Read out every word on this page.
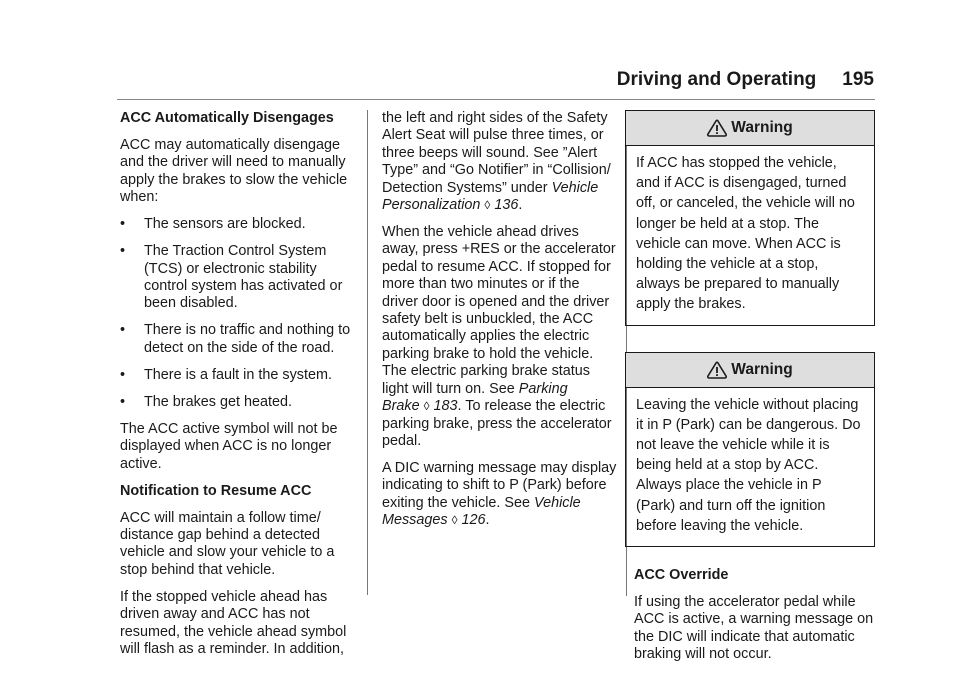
Driving and Operating 195
ACC Automatically Disengages

ACC may automatically disengage and the driver will need to manually apply the brakes to slow the vehicle when:

•	The sensors are blocked.
•	The Traction Control System (TCS) or electronic stability control system has activated or been disabled.
•	There is no traffic and nothing to detect on the side of the road.
•	There is a fault in the system.
•	The brakes get heated.

The ACC active symbol will not be displayed when ACC is no longer active.

Notification to Resume ACC

ACC will maintain a follow time/ distance gap behind a detected vehicle and slow your vehicle to a stop behind that vehicle.

If the stopped vehicle ahead has driven away and ACC has not resumed, the vehicle ahead symbol will flash as a reminder. In addition,

the left and right sides of the Safety Alert Seat will pulse three times, or three beeps will sound. See ”Alert Type” and “Go Notifier” in “Collision/ Detection Systems” under Vehicle Personalization ◊ 136.

When the vehicle ahead drives away, press +RES or the accelerator pedal to resume ACC. If stopped for more than two minutes or if the driver door is opened and the driver safety belt is unbuckled, the ACC automatically applies the electric parking brake to hold the vehicle. The electric parking brake status light will turn on. See Parking Brake ◊ 183. To release the electric parking brake, press the accelerator pedal.

A DIC warning message may display indicating to shift to P (Park) before exiting the vehicle. See Vehicle Messages ◊ 126.

Warning
If ACC has stopped the vehicle, and if ACC is disengaged, turned off, or canceled, the vehicle will no longer be held at a stop. The vehicle can move. When ACC is holding the vehicle at a stop, always be prepared to manually apply the brakes.
Warning
Leaving the vehicle without placing it in P (Park) can be dangerous. Do not leave the vehicle while it is being held at a stop by ACC. Always place the vehicle in P (Park) and turn off the ignition before leaving the vehicle.
ACC Override

If using the accelerator pedal while ACC is active, a warning message on the DIC will indicate that automatic braking will not occur.
